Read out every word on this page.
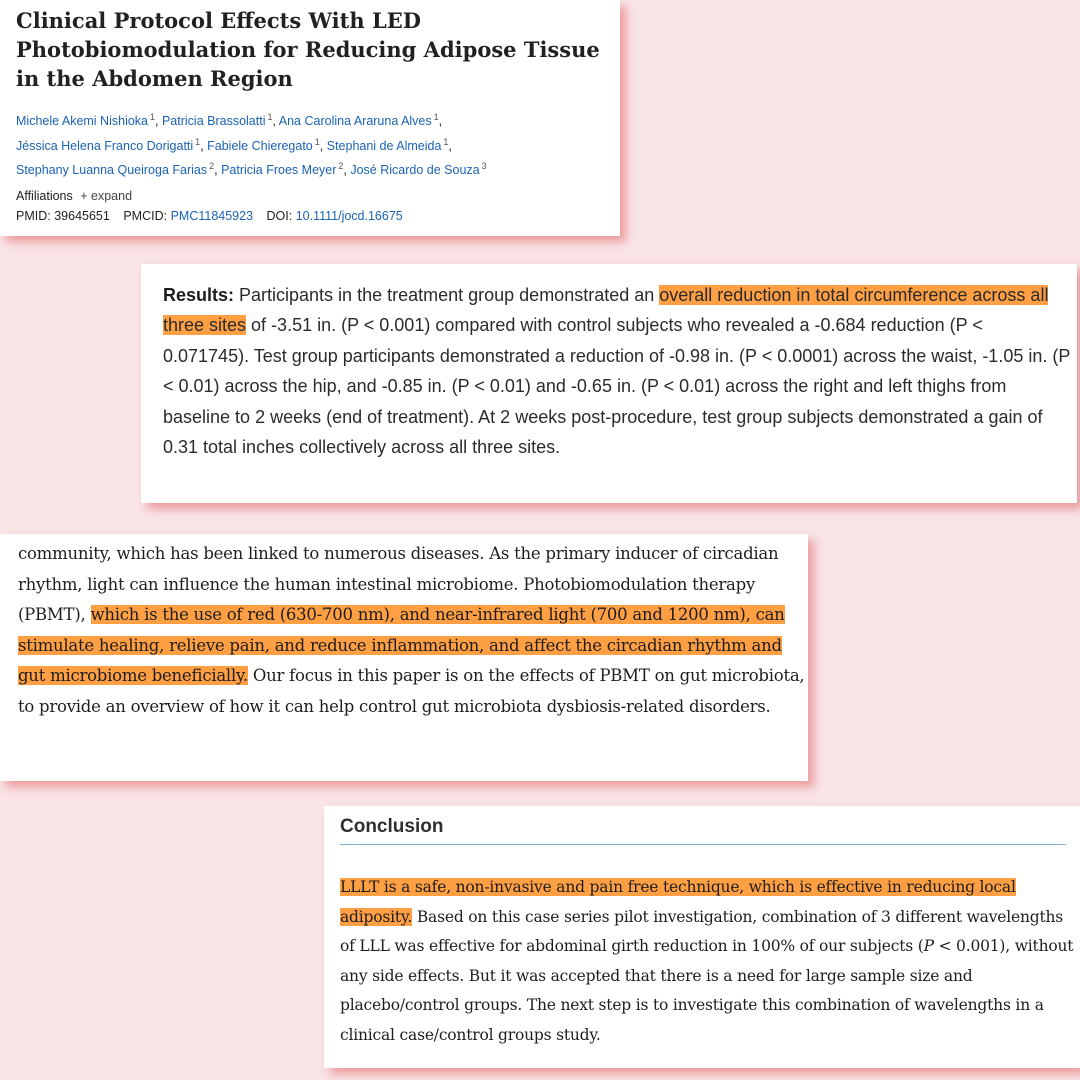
Clinical Protocol Effects With LED Photobiomodulation for Reducing Adipose Tissue in the Abdomen Region
Michele Akemi Nishioka $^1$, Patricia Brassolatti $^1$, Ana Carolina Araruna Alves $^1$,
Jéssica Helena Franco Dorigatti $^1$, Fabiele Chieregato $^1$, Stephani de Almeida $^1$,
Stephany Luanna Queiroga Farias $^2$, Patricia Froes Meyer $^2$, José Ricardo de Souza $^3$
Affiliations + expand
PMID: 39645651 PMCID: PMC11845923 DOI: 10.1111/jocd.16675

Results: Participants in the treatment group demonstrated an overall reduction in total circumference across all three sites of -3.51 in. (P < 0.001) compared with control subjects who revealed a -0.684 reduction (P < 0.071745). Test group participants demonstrated a reduction of -0.98 in. (P < 0.0001) across the waist, -1.05 in. (P < 0.01) across the hip, and -0.85 in. (P < 0.01) and -0.65 in. (P < 0.01) across the right and left thighs from baseline to 2 weeks (end of treatment). At 2 weeks post-procedure, test group subjects demonstrated a gain of 0.31 total inches collectively across all three sites.

community, which has been linked to numerous diseases. As the primary inducer of circadian rhythm, light can influence the human intestinal microbiome. Photobiomodulation therapy (PBMT), which is the use of red (630-700 nm), and near-infrared light (700 and 1200 nm), can stimulate healing, relieve pain, and reduce inflammation, and affect the circadian rhythm and gut microbiome beneficially. Our focus in this paper is on the effects of PBMT on gut microbiota, to provide an overview of how it can help control gut microbiota dysbiosis-related disorders.

Conclusion

LLLT is a safe, non-invasive and pain free technique, which is effective in reducing local adiposity. Based on this case series pilot investigation, combination of 3 different wavelengths of LLL was effective for abdominal girth reduction in 100% of our subjects (P < 0.001), without any side effects. But it was accepted that there is a need for large sample size and placebo/control groups. The next step is to investigate this combination of wavelengths in a clinical case/control groups study.
